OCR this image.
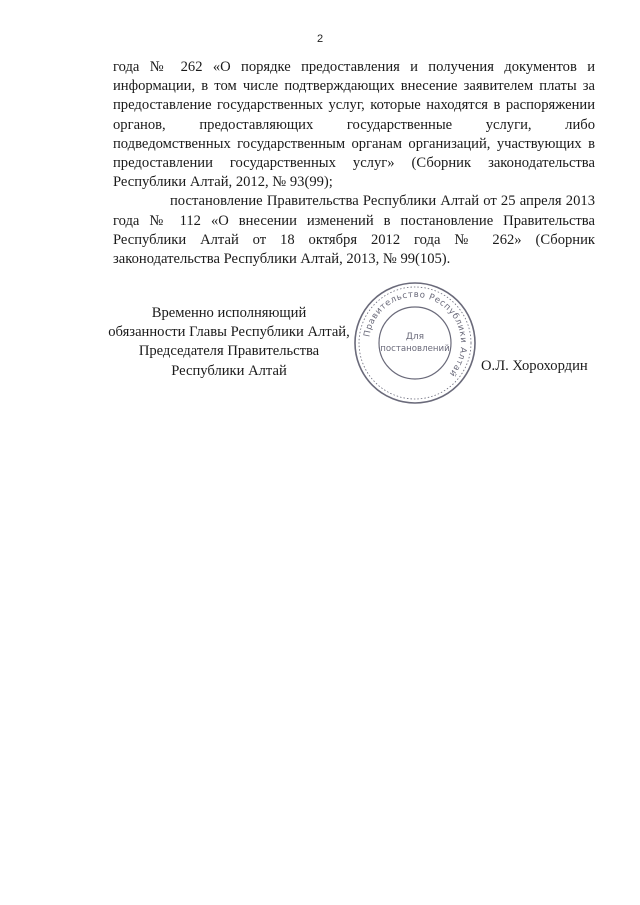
2

года № 262 «О порядке предоставления и получения документов и информации, в том числе подтверждающих внесение заявителем платы за предоставление государственных услуг, которые находятся в распоряжении органов, предоставляющих государственные услуги, либо подведомственных государственным органам организаций, участвующих в предоставлении государственных услуг» (Сборник законодательства Республики Алтай, 2012, № 93(99);

постановление Правительства Республики Алтай от 25 апреля 2013 года № 112 «О внесении изменений в постановление Правительства Республики Алтай от 18 октября 2012 года № 262» (Сборник законодательства Республики Алтай, 2013, № 99(105).

Временно исполняющий
обязанности Главы Республики Алтай,
Председателя Правительства
Республики Алтай
Правительство Республики Алтай
Для
постановлений
О.Л. Хорохордин
